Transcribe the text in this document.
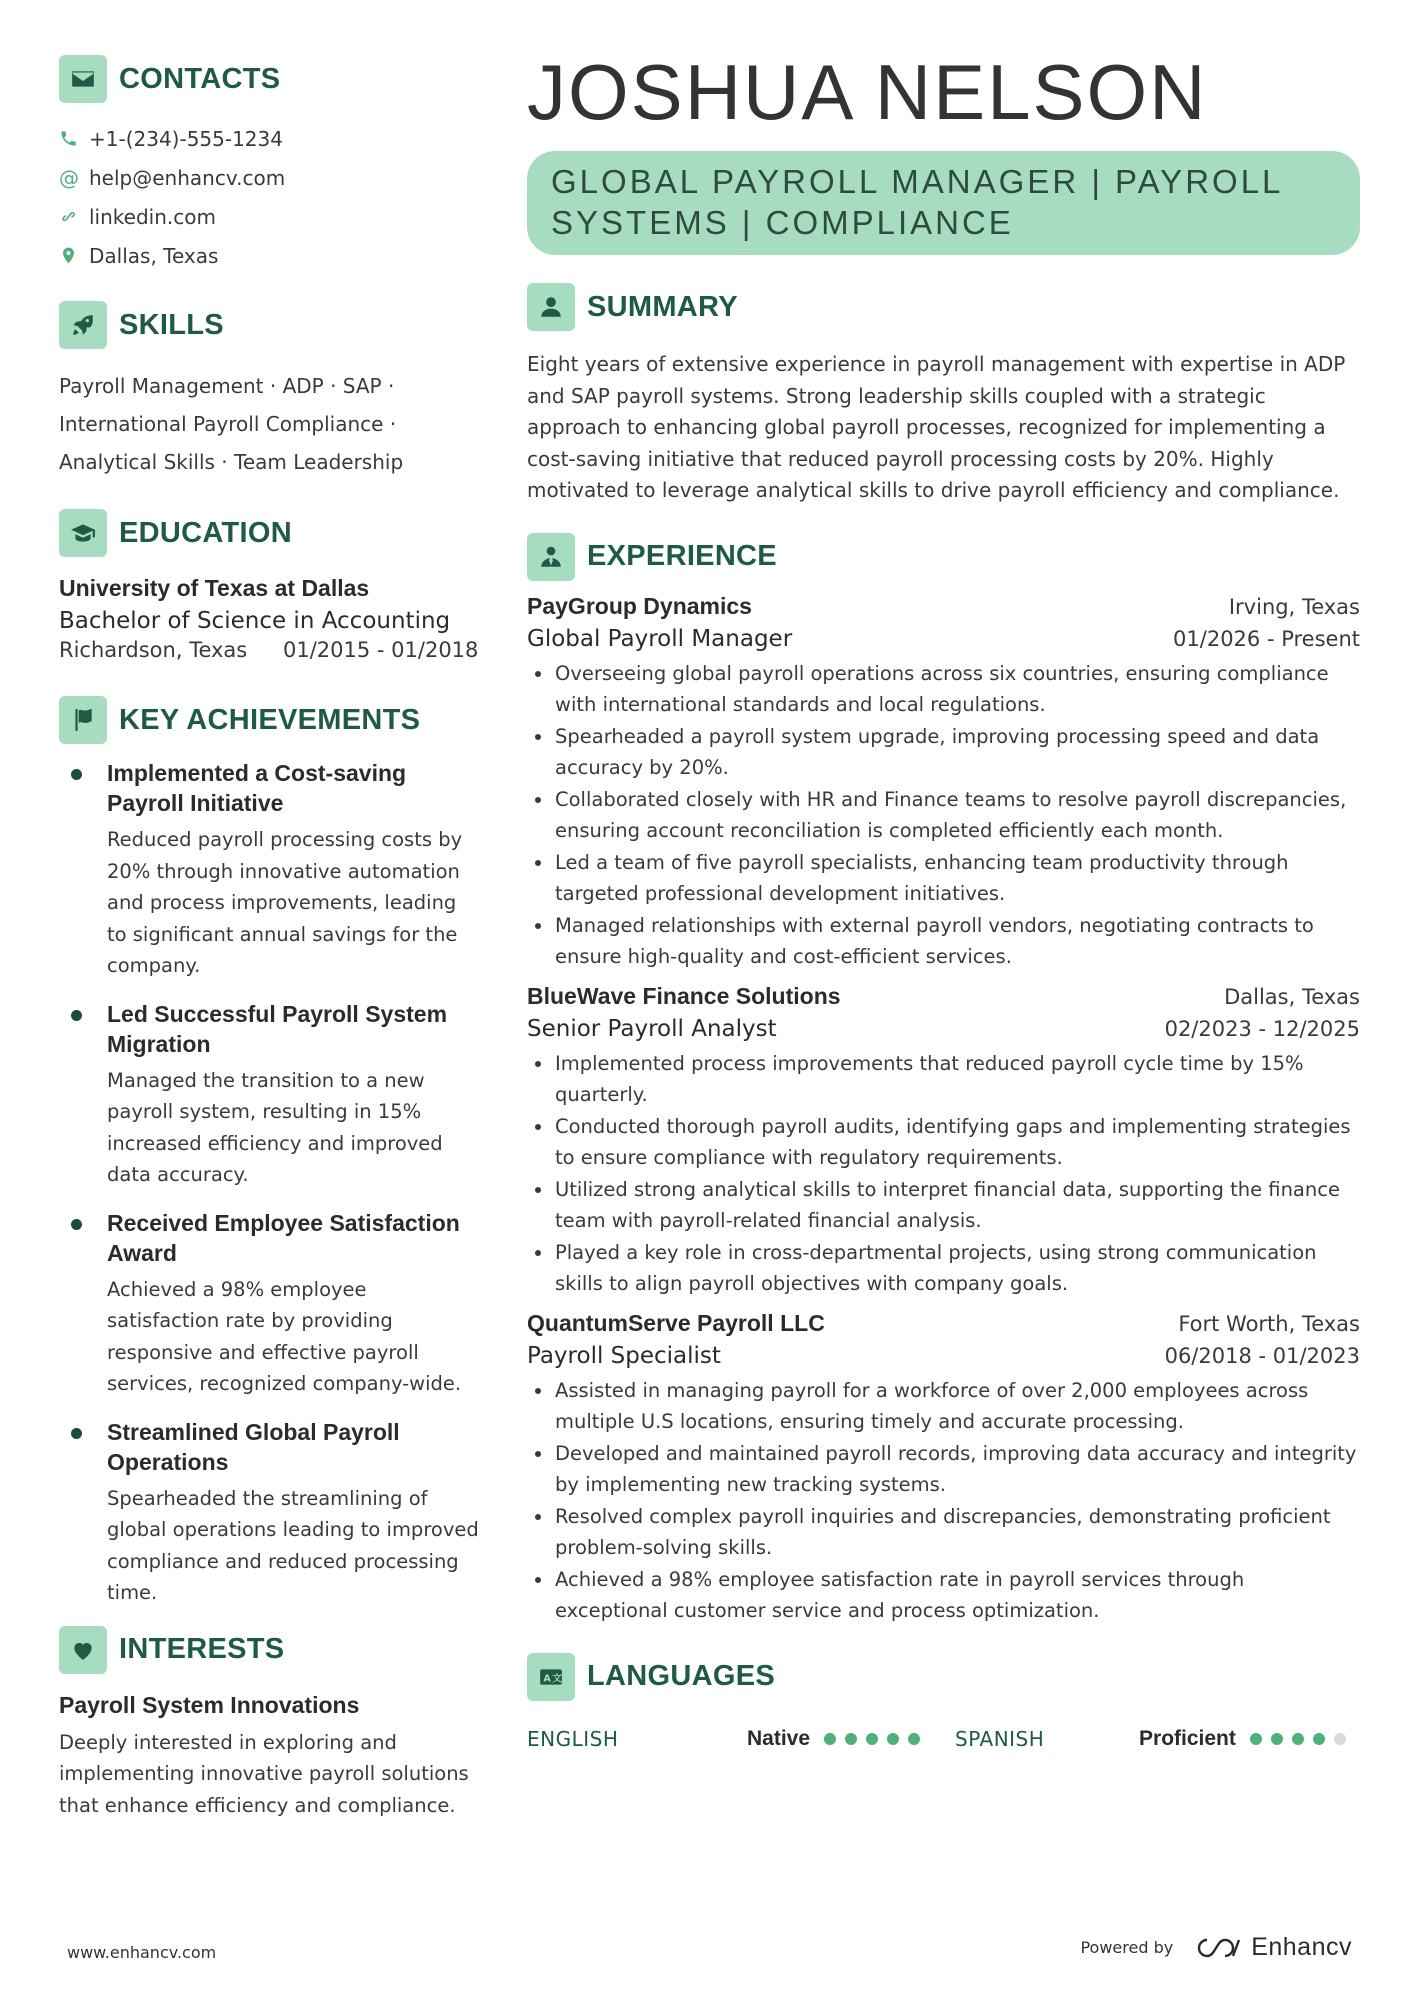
CONTACTS
+1-(234)-555-1234
@ help@enhancv.com
linkedin.com
Dallas, Texas
SKILLS
Payroll Management · ADP · SAP · International Payroll Compliance · Analytical Skills · Team Leadership
EDUCATION
University of Texas at Dallas
Bachelor of Science in Accounting
Richardson, Texas	01/2015 - 01/2018
KEY ACHIEVEMENTS
Implemented a Cost-saving Payroll Initiative
Reduced payroll processing costs by 20% through innovative automation and process improvements, leading to significant annual savings for the company.
Led Successful Payroll System Migration
Managed the transition to a new payroll system, resulting in 15% increased efficiency and improved data accuracy.
Received Employee Satisfaction Award
Achieved a 98% employee satisfaction rate by providing responsive and effective payroll services, recognized company-wide.
Streamlined Global Payroll Operations
Spearheaded the streamlining of global operations leading to improved compliance and reduced processing time.
INTERESTS
Payroll System Innovations
Deeply interested in exploring and implementing innovative payroll solutions that enhance efficiency and compliance.
JOSHUA NELSON
GLOBAL PAYROLL MANAGER | PAYROLL SYSTEMS | COMPLIANCE
SUMMARY
Eight years of extensive experience in payroll management with expertise in ADP and SAP payroll systems. Strong leadership skills coupled with a strategic approach to enhancing global payroll processes, recognized for implementing a cost-saving initiative that reduced payroll processing costs by 20%. Highly motivated to leverage analytical skills to drive payroll efficiency and compliance.
EXPERIENCE
PayGroup Dynamics	Irving, Texas
Global Payroll Manager	01/2026 - Present
Overseeing global payroll operations across six countries, ensuring compliance with international standards and local regulations.
Spearheaded a payroll system upgrade, improving processing speed and data accuracy by 20%.
Collaborated closely with HR and Finance teams to resolve payroll discrepancies, ensuring account reconciliation is completed efficiently each month.
Led a team of five payroll specialists, enhancing team productivity through targeted professional development initiatives.
Managed relationships with external payroll vendors, negotiating contracts to ensure high-quality and cost-efficient services.
BlueWave Finance Solutions	Dallas, Texas
Senior Payroll Analyst	02/2023 - 12/2025
Implemented process improvements that reduced payroll cycle time by 15% quarterly.
Conducted thorough payroll audits, identifying gaps and implementing strategies to ensure compliance with regulatory requirements.
Utilized strong analytical skills to interpret financial data, supporting the finance team with payroll-related financial analysis.
Played a key role in cross-departmental projects, using strong communication skills to align payroll objectives with company goals.
QuantumServe Payroll LLC	Fort Worth, Texas
Payroll Specialist	06/2018 - 01/2023
Assisted in managing payroll for a workforce of over 2,000 employees across multiple U.S locations, ensuring timely and accurate processing.
Developed and maintained payroll records, improving data accuracy and integrity by implementing new tracking systems.
Resolved complex payroll inquiries and discrepancies, demonstrating proficient problem-solving skills.
Achieved a 98% employee satisfaction rate in payroll services through exceptional customer service and process optimization.
A 文 LANGUAGES
ENGLISH	Native	SPANISH	Proficient
www.enhancv.com	Powered by	Enhancv
